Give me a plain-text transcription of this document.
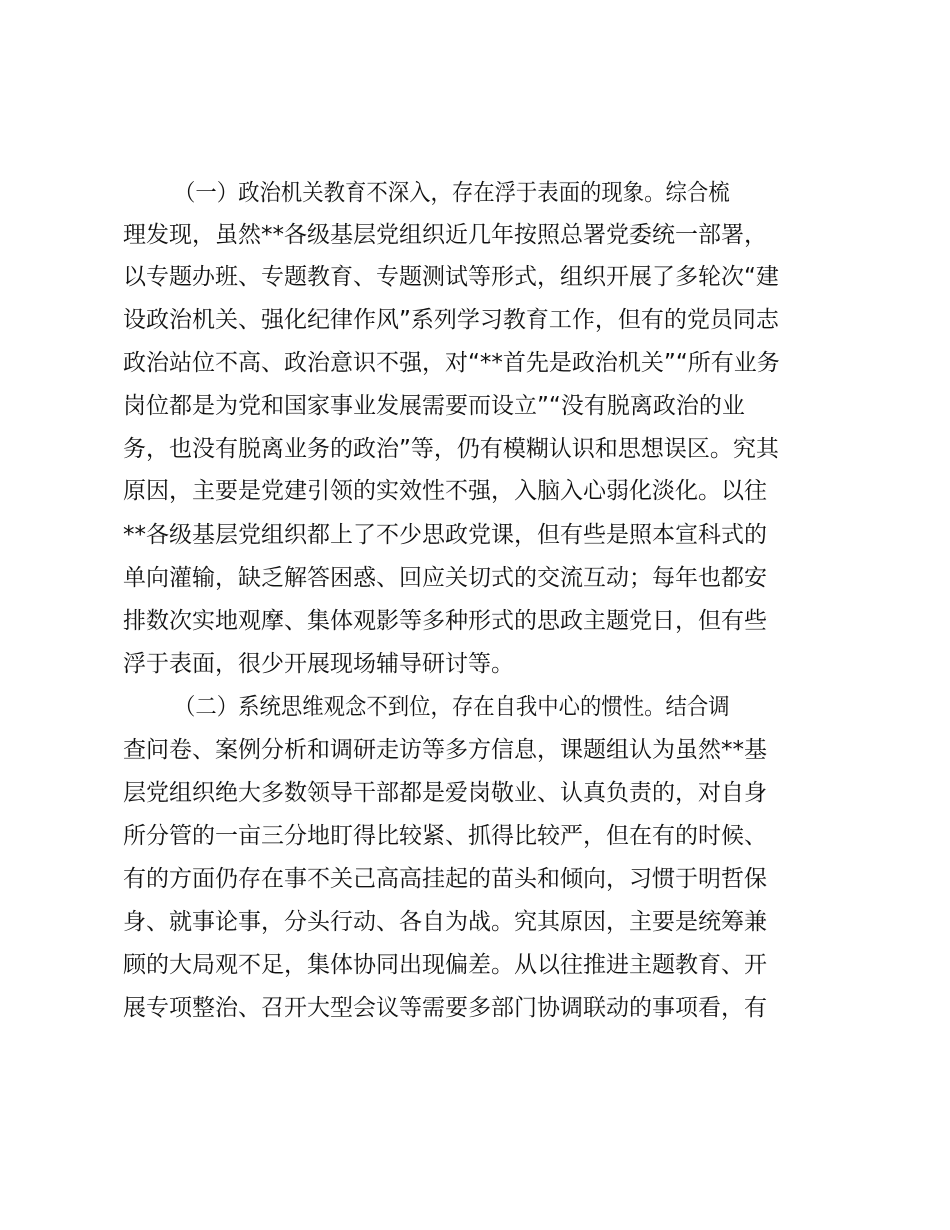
（一）政治机关教育不深入，存在浮于表面的现象。综合梳
理发现，虽然**各级基层党组织近几年按照总署党委统一部署，
以专题办班、专题教育、专题测试等形式，组织开展了多轮次“建
设政治机关、强化纪律作风”系列学习教育工作，但有的党员同志
政治站位不高、政治意识不强，对“**首先是政治机关”“所有业务
岗位都是为党和国家事业发展需要而设立”“没有脱离政治的业
务，也没有脱离业务的政治”等，仍有模糊认识和思想误区。究其
原因，主要是党建引领的实效性不强，入脑入心弱化淡化。以往
**各级基层党组织都上了不少思政党课，但有些是照本宣科式的
单向灌输，缺乏解答困惑、回应关切式的交流互动；每年也都安
排数次实地观摩、集体观影等多种形式的思政主题党日，但有些
浮于表面，很少开展现场辅导研讨等。
（二）系统思维观念不到位，存在自我中心的惯性。结合调
查问卷、案例分析和调研走访等多方信息，课题组认为虽然**基
层党组织绝大多数领导干部都是爱岗敬业、认真负责的，对自身
所分管的一亩三分地盯得比较紧、抓得比较严，但在有的时候、
有的方面仍存在事不关己高高挂起的苗头和倾向，习惯于明哲保
身、就事论事，分头行动、各自为战。究其原因，主要是统筹兼
顾的大局观不足，集体协同出现偏差。从以往推进主题教育、开
展专项整治、召开大型会议等需要多部门协调联动的事项看，有
